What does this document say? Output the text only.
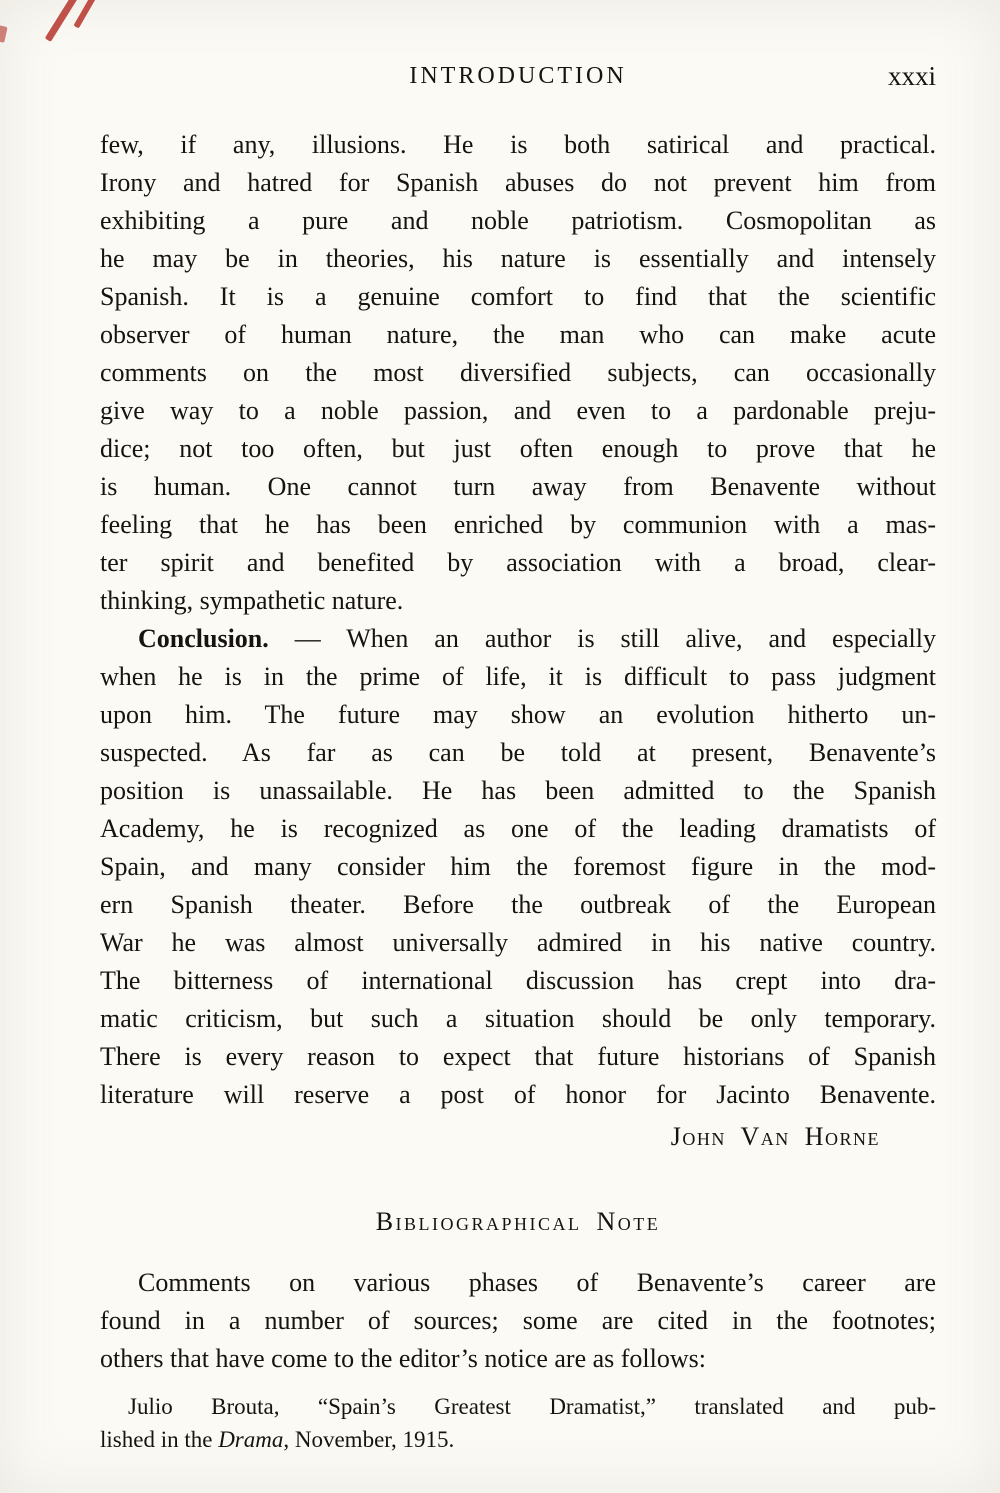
INTRODUCTION	xxxi
few, if any, illusions. He is both satirical and practical.
Irony and hatred for Spanish abuses do not prevent him from
exhibiting a pure and noble patriotism. Cosmopolitan as
he may be in theories, his nature is essentially and intensely
Spanish. It is a genuine comfort to find that the scientific
observer of human nature, the man who can make acute
comments on the most diversified subjects, can occasionally
give way to a noble passion, and even to a pardonable preju-
dice; not too often, but just often enough to prove that he
is human. One cannot turn away from Benavente without
feeling that he has been enriched by communion with a mas-
ter spirit and benefited by association with a broad, clear-
thinking, sympathetic nature.
Conclusion. — When an author is still alive, and especially
when he is in the prime of life, it is difficult to pass judgment
upon him. The future may show an evolution hitherto un-
suspected. As far as can be told at present, Benavente’s
position is unassailable. He has been admitted to the Spanish
Academy, he is recognized as one of the leading dramatists of
Spain, and many consider him the foremost figure in the mod-
ern Spanish theater. Before the outbreak of the European
War he was almost universally admired in his native country.
The bitterness of international discussion has crept into dra-
matic criticism, but such a situation should be only temporary.
There is every reason to expect that future historians of Spanish
literature will reserve a post of honor for Jacinto Benavente.
John Van Horne
Bibliographical Note
Comments on various phases of Benavente’s career are
found in a number of sources; some are cited in the footnotes;
others that have come to the editor’s notice are as follows:
Julio Brouta, “Spain’s Greatest Dramatist,” translated and pub-
lished in the Drama, November, 1915.
